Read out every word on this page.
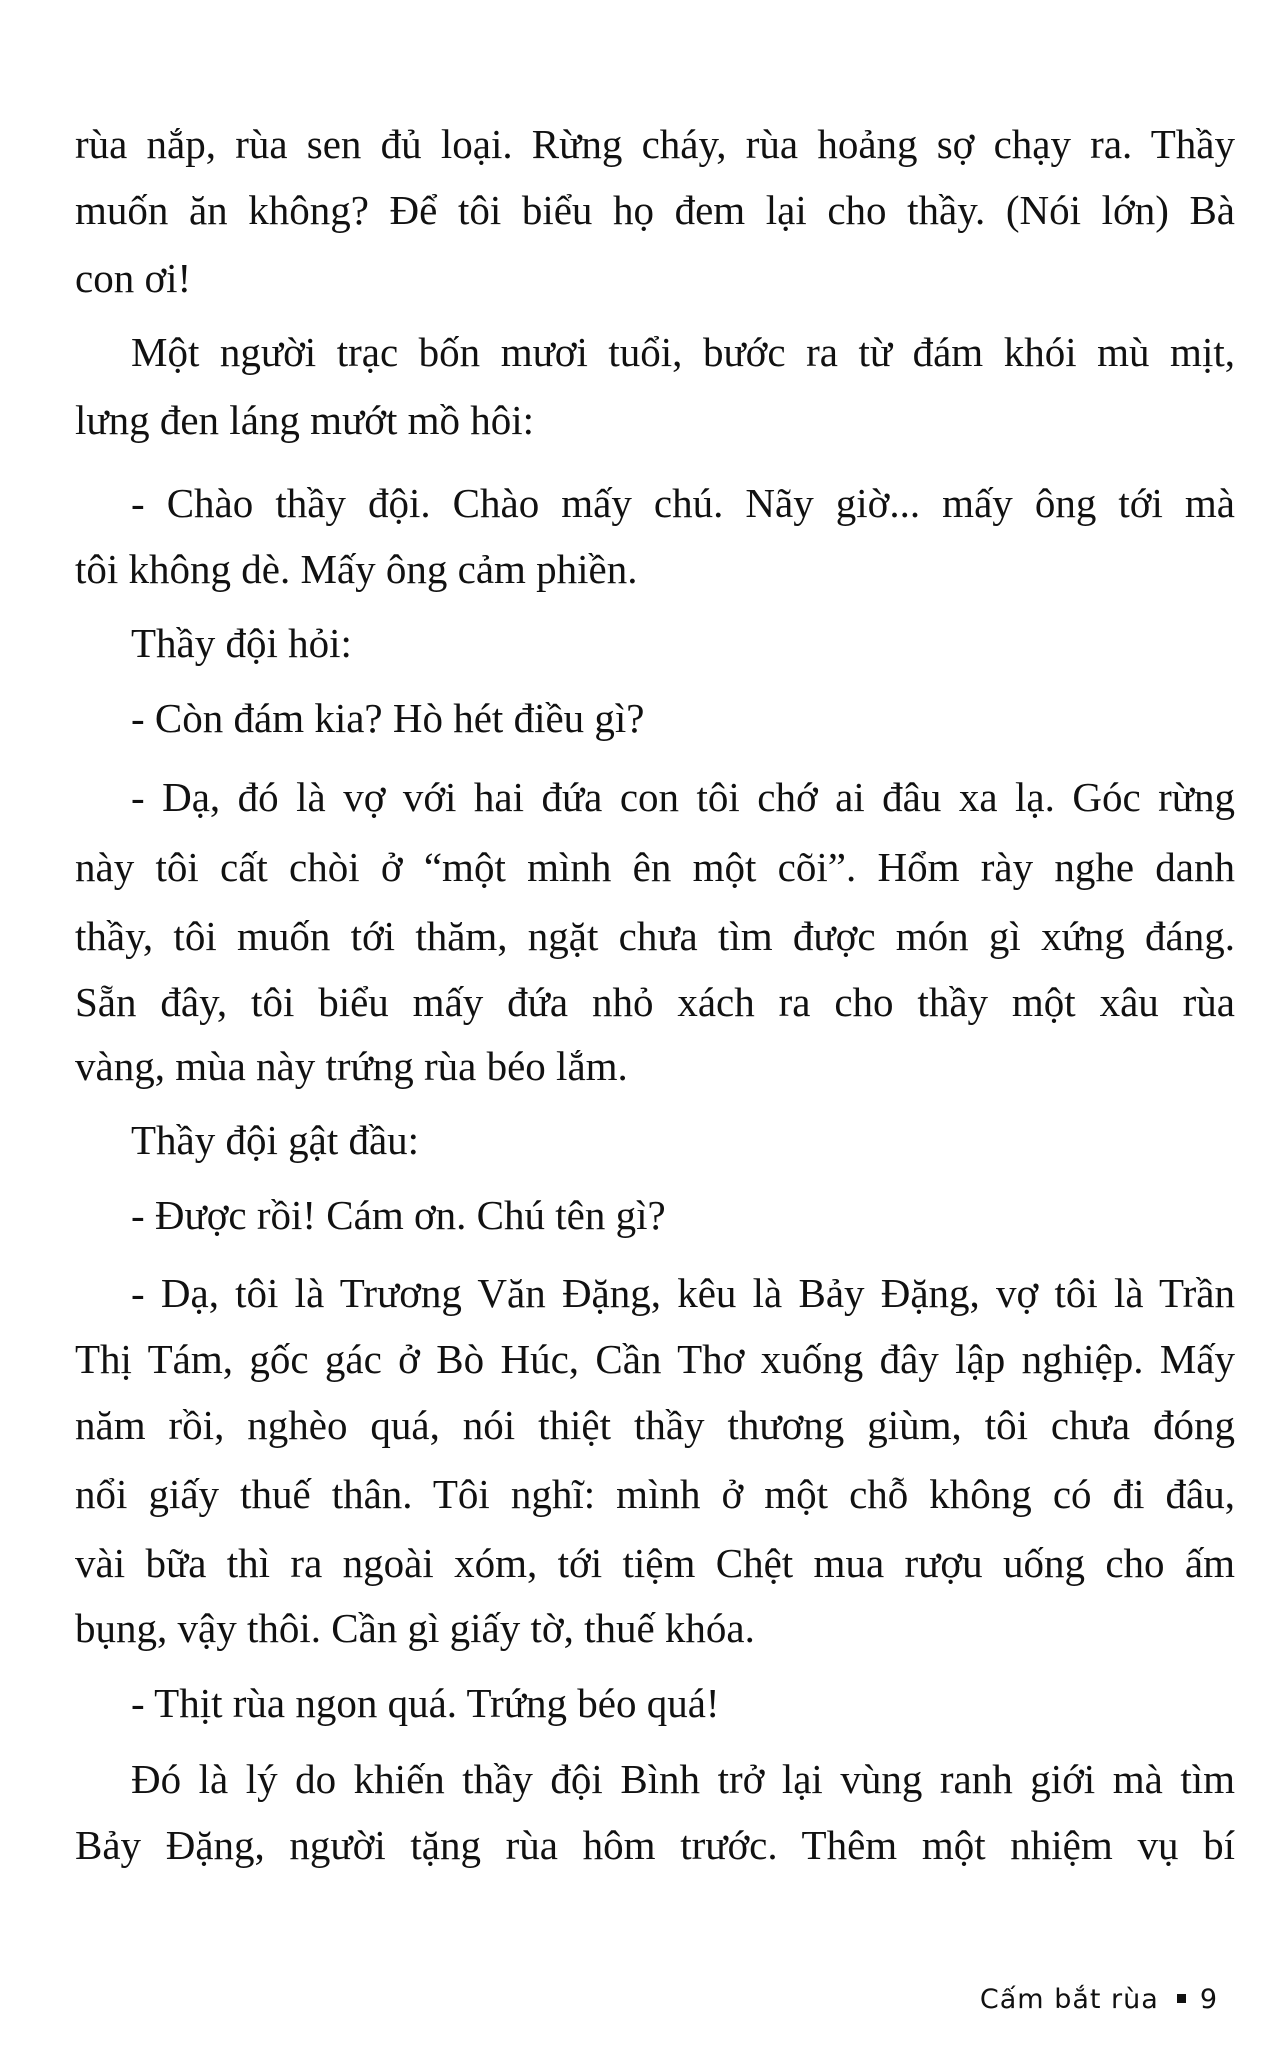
rùa nắp, rùa sen đủ loại. Rừng cháy, rùa hoảng sợ chạy ra. Thầy
muốn ăn không? Để tôi biểu họ đem lại cho thầy. (Nói lớn) Bà
con ơi!
Một người trạc bốn mươi tuổi, bước ra từ đám khói mù mịt,
lưng đen láng mướt mồ hôi:
- Chào thầy đội. Chào mấy chú. Nãy giờ... mấy ông tới mà
tôi không dè. Mấy ông cảm phiền.
Thầy đội hỏi:
- Còn đám kia? Hò hét điều gì?
- Dạ, đó là vợ với hai đứa con tôi chớ ai đâu xa lạ. Góc rừng
này tôi cất chòi ở “một mình ên một cõi”. Hổm rày nghe danh
thầy, tôi muốn tới thăm, ngặt chưa tìm được món gì xứng đáng.
Sẵn đây, tôi biểu mấy đứa nhỏ xách ra cho thầy một xâu rùa
vàng, mùa này trứng rùa béo lắm.
Thầy đội gật đầu:
- Được rồi! Cám ơn. Chú tên gì?
- Dạ, tôi là Trương Văn Đặng, kêu là Bảy Đặng, vợ tôi là Trần
Thị Tám, gốc gác ở Bò Húc, Cần Thơ xuống đây lập nghiệp. Mấy
năm rồi, nghèo quá, nói thiệt thầy thương giùm, tôi chưa đóng
nổi giấy thuế thân. Tôi nghĩ: mình ở một chỗ không có đi đâu,
vài bữa thì ra ngoài xóm, tới tiệm Chệt mua rượu uống cho ấm
bụng, vậy thôi. Cần gì giấy tờ, thuế khóa.
- Thịt rùa ngon quá. Trứng béo quá!
Đó là lý do khiến thầy đội Bình trở lại vùng ranh giới mà tìm
Bảy Đặng, người tặng rùa hôm trước. Thêm một nhiệm vụ bí
Cấm bắt rùa 9
